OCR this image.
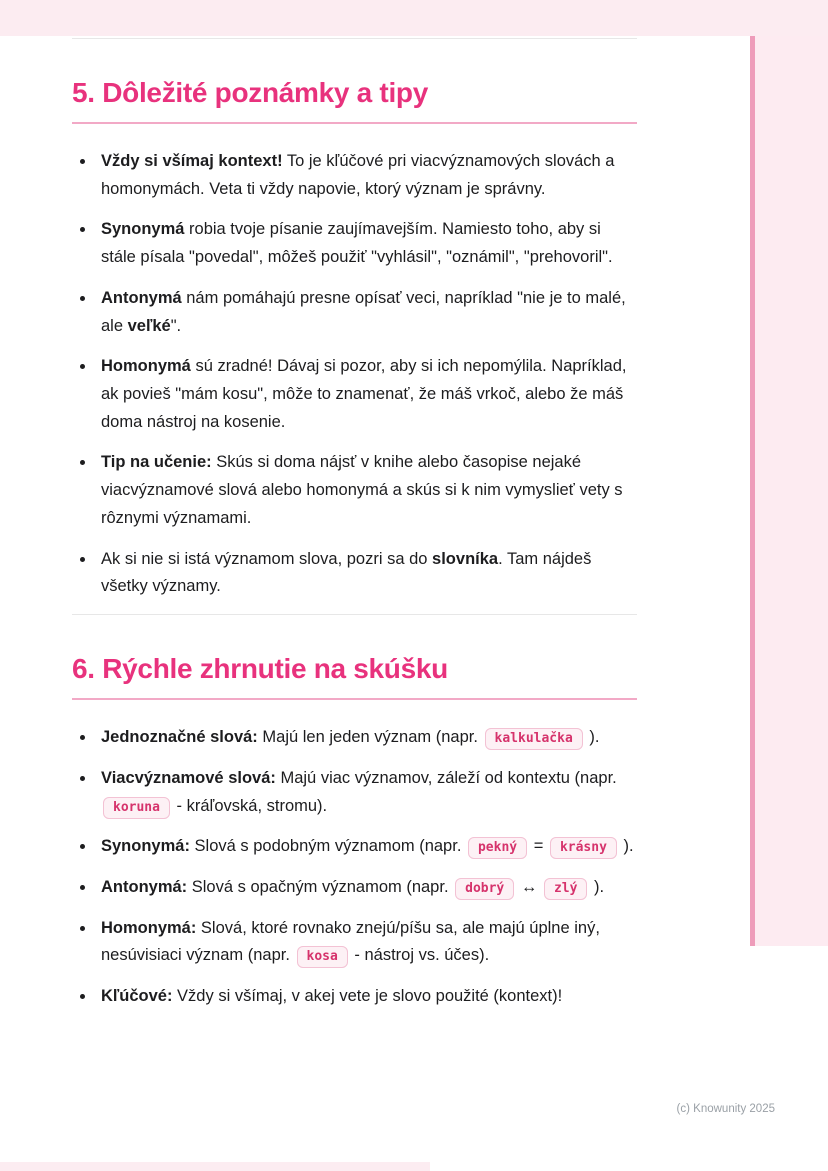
5. Dôležité poznámky a tipy
• Vždy si všímaj kontext! To je kľúčové pri viacvýznamových slovách a homonymách. Veta ti vždy napovie, ktorý význam je správny.
• Synonymá robia tvoje písanie zaujímavejším. Namiesto toho, aby si stále písala "povedal", môžeš použiť "vyhlásil", "oznámil", "prehovoril".
• Antonymá nám pomáhajú presne opísať veci, napríklad "nie je to malé, ale veľké".
• Homonymá sú zradné! Dávaj si pozor, aby si ich nepomýlila. Napríklad, ak povieš "mám kosu", môže to znamenať, že máš vrkoč, alebo že máš doma nástroj na kosenie.
• Tip na učenie: Skús si doma nájsť v knihe alebo časopise nejaké viacvýznamové slová alebo homonymá a skús si k nim vymyslieť vety s rôznymi významami.
• Ak si nie si istá významom slova, pozri sa do slovníka. Tam nájdeš všetky významy.
6. Rýchle zhrnutie na skúšku
• Jednoznačné slová: Majú len jeden význam (napr. kalkulačka ).
• Viacvýznamové slová: Majú viac významov, záleží od kontextu (napr. koruna - kráľovská, stromu).
• Synonymá: Slová s podobným významom (napr. pekný = krásny ).
• Antonymá: Slová s opačným významom (napr. dobrý ↔ zlý ).
• Homonymá: Slová, ktoré rovnako znejú/píšu sa, ale majú úplne iný, nesúvisiaci význam (napr. kosa - nástroj vs. účes).
• Kľúčové: Vždy si všímaj, v akej vete je slovo použité (kontext)!
(c) Knowunity 2025
